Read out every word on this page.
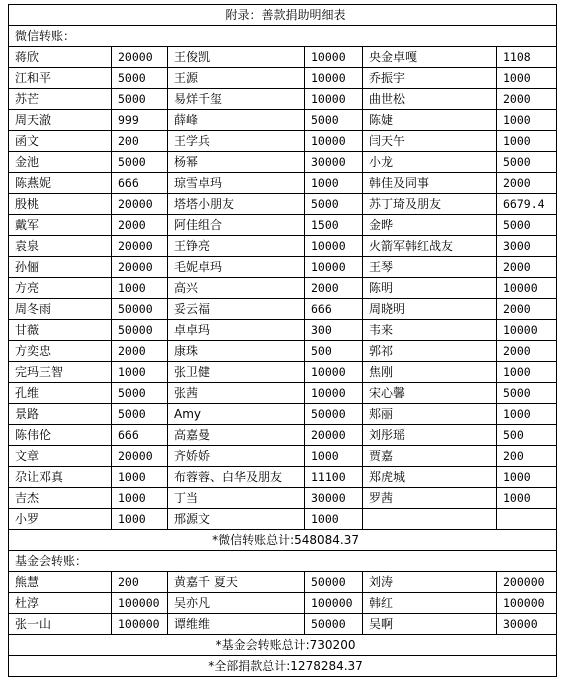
附录：善款捐助明细表					
微信转账：					
蒋欣	20000	王俊凯	10000	央金卓嘎	1108
江和平	5000	王源	10000	乔振宇	1000
苏芒	5000	易烊千玺	10000	曲世松	2000
周天澈	999	薛峰	5000	陈婕	1000
函文	200	王学兵	10000	闫天午	1000
金池	5000	杨幂	30000	小龙	5000
陈燕妮	666	琼雪卓玛	1000	韩佳及同事	2000
殷桃	20000	塔塔小朋友	5000	苏丁琦及朋友	6679.4
戴军	2000	阿佳组合	1500	金晔	5000
袁泉	20000	王铮亮	10000	火箭军韩红战友	3000
孙俪	20000	毛妮卓玛	10000	王琴	2000
方亮	1000	高兴	2000	陈明	10000
周冬雨	50000	妥云福	666	周晓明	2000
甘薇	50000	卓卓玛	300	韦来	10000
方奕忠	2000	康珠	500	郭祁	2000
完玛三智	1000	张卫健	10000	焦刚	1000
孔维	5000	张茜	10000	宋心馨	5000
景路	5000	Amy	50000	郏丽	1000
陈伟伦	666	高嘉曼	20000	刘彤瑶	500
文章	20000	齐娇娇	1000	贾嘉	200
尕让邓真	1000	布蓉蓉、白华及朋友	11100	郑虎城	1000
吉杰	1000	丁当	30000	罗茜	1000
小罗	1000	邢源文	1000		
*微信转账总计:548084.37					
基金会转账：					
熊慧	200	黄嘉千 夏天	50000	刘涛	200000
杜淳	100000	吴亦凡	100000	韩红	100000
张一山	100000	谭维维	50000	吴啊	30000
*基金会转账总计:730200					
*全部捐款总计:1278284.37					
